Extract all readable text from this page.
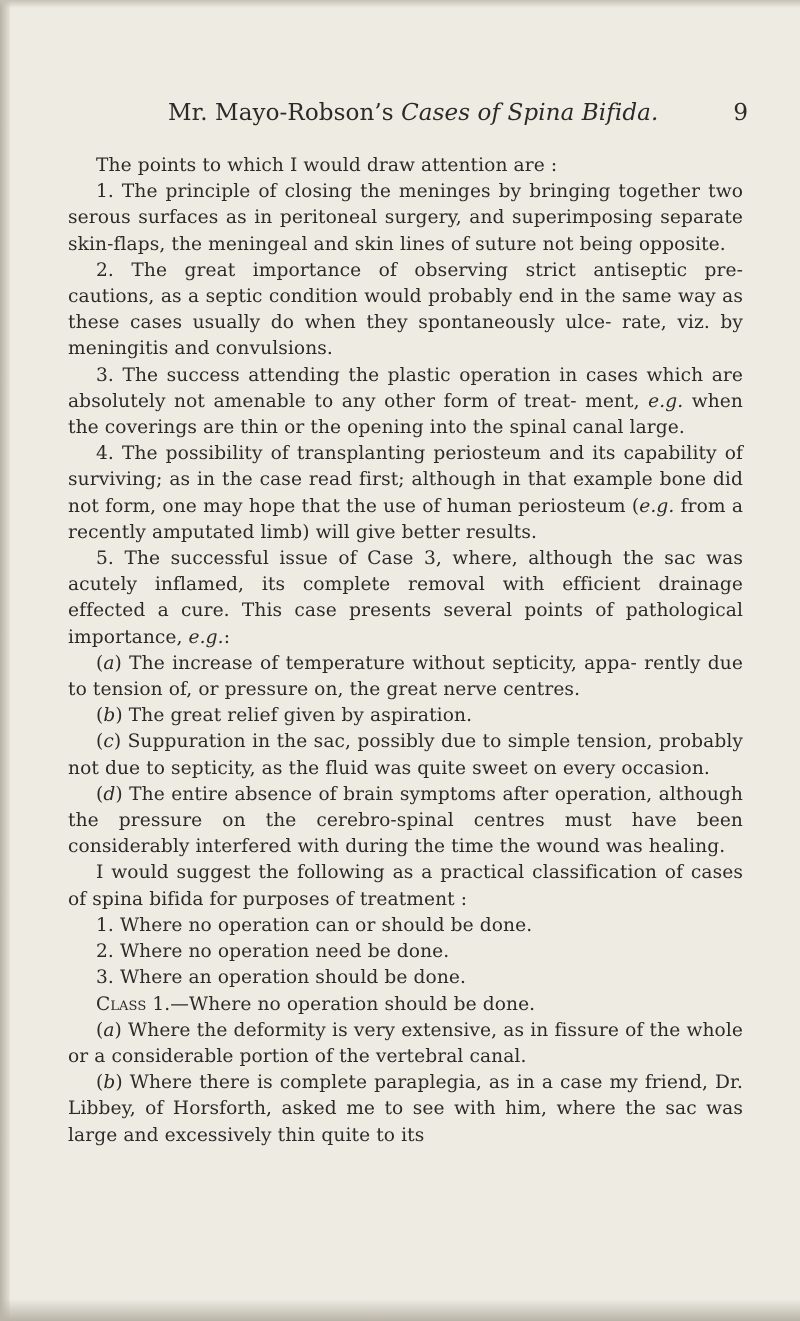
Mr. Mayo-Robson’s Cases of Spina Bifida.	9

The points to which I would draw attention are :

1. The principle of closing the meninges by bringing together two serous surfaces as in peritoneal surgery, and superimposing separate skin-flaps, the meningeal and skin lines of suture not being opposite.

2. The great importance of observing strict antiseptic pre- cautions, as a septic condition would probably end in the same way as these cases usually do when they spontaneously ulce- rate, viz. by meningitis and convulsions.

3. The success attending the plastic operation in cases which are absolutely not amenable to any other form of treat- ment, e.g. when the coverings are thin or the opening into the spinal canal large.

4. The possibility of transplanting periosteum and its capability of surviving; as in the case read first; although in that example bone did not form, one may hope that the use of human periosteum (e.g. from a recently amputated limb) will give better results.

5. The successful issue of Case 3, where, although the sac was acutely inflamed, its complete removal with efficient drainage effected a cure. This case presents several points of pathological importance, e.g.:

(a) The increase of temperature without septicity, appa- rently due to tension of, or pressure on, the great nerve centres.

(b) The great relief given by aspiration.

(c) Suppuration in the sac, possibly due to simple tension, probably not due to septicity, as the fluid was quite sweet on every occasion.

(d) The entire absence of brain symptoms after operation, although the pressure on the cerebro-spinal centres must have been considerably interfered with during the time the wound was healing.

I would suggest the following as a practical classification of cases of spina bifida for purposes of treatment :

1. Where no operation can or should be done.

2. Where no operation need be done.

3. Where an operation should be done.

Class 1.—Where no operation should be done.

(a) Where the deformity is very extensive, as in fissure of the whole or a considerable portion of the vertebral canal.

(b) Where there is complete paraplegia, as in a case my friend, Dr. Libbey, of Horsforth, asked me to see with him, where the sac was large and excessively thin quite to its
